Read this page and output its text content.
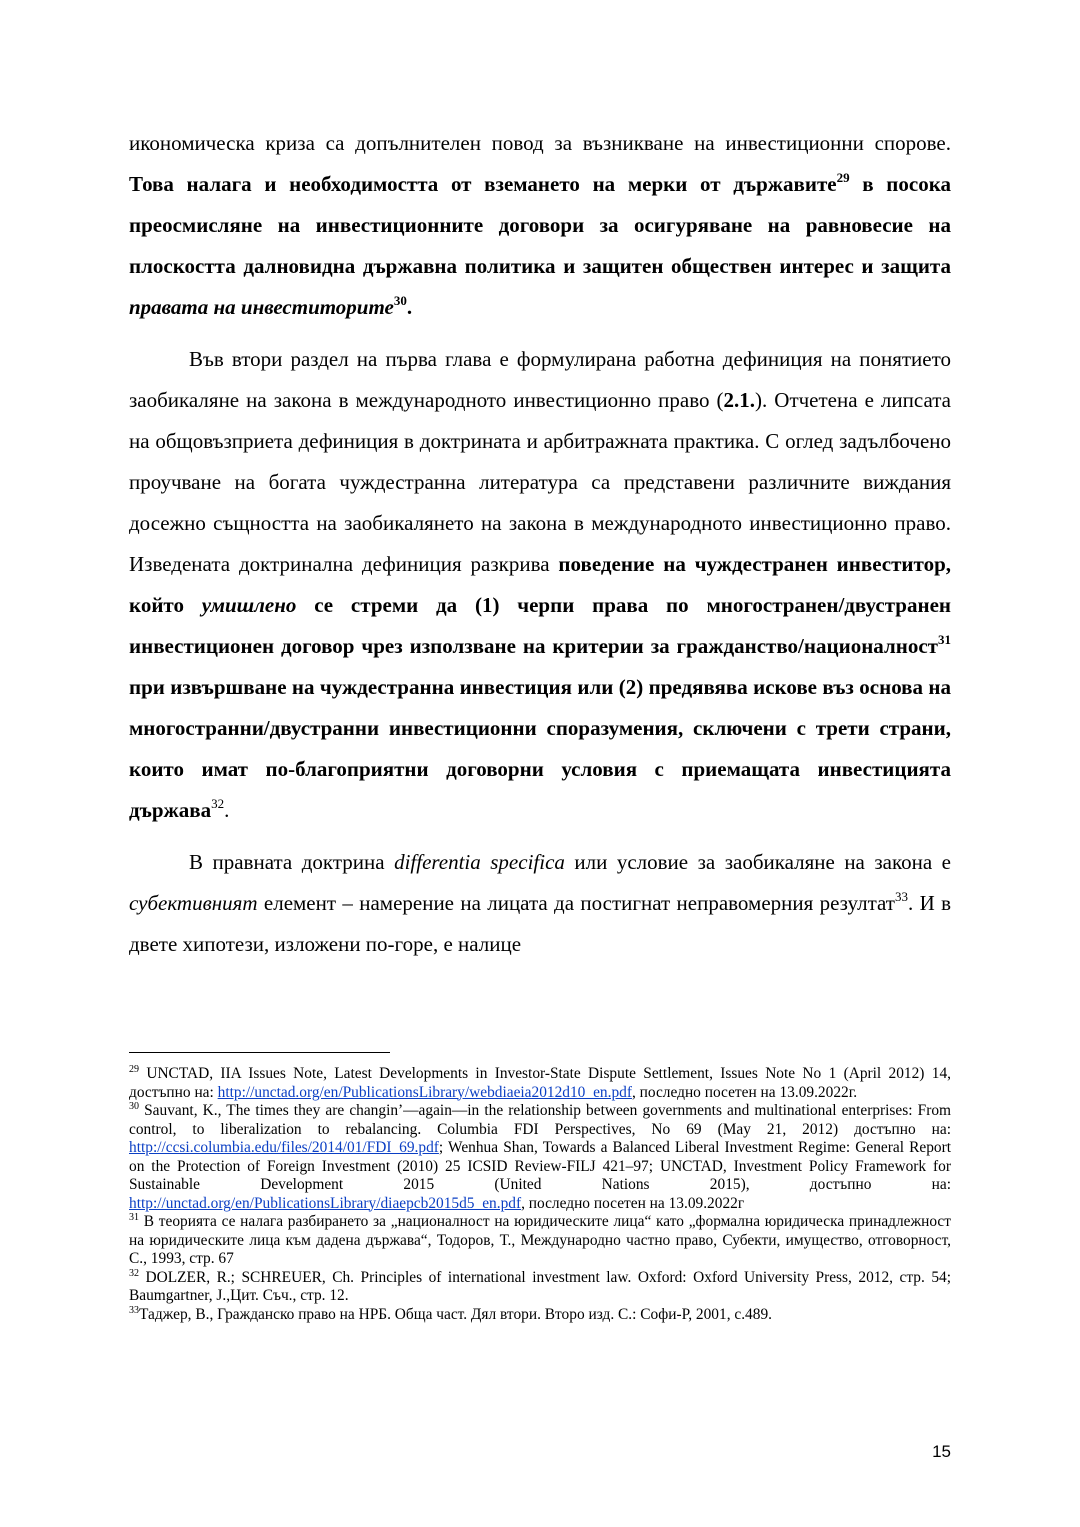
икономическа криза са допълнителен повод за възникване на инвестиционни спорове. Това налага и необходимостта от вземането на мерки от държавите$^{29}$ в посока преосмисляне на инвестиционните договори за осигуряване на равновесие на плоскостта далновидна държавна политика и защитен обществен интерес и защита правата на инвеститорите$^{30}$.

Във втори раздел на първа глава е формулирана работна дефиниция на понятието заобикаляне на закона в международното инвестиционно право (2.1.). Отчетена е липсата на общовъзприета дефиниция в доктрината и арбитражната практика. С оглед задълбочено проучване на богата чуждестранна литература са представени различните виждания досежно същността на заобикалянето на закона в международното инвестиционно право. Изведената доктринална дефиниция разкрива поведение на чуждестранен инвеститор, който умишлено се стреми да (1) черпи права по многостранен/двустранен инвестиционен договор чрез използване на критерии за гражданство/националност$^{31}$ при извършване на чуждестранна инвестиция или (2) предявява искове въз основа на многостранни/двустранни инвестиционни споразумения, сключени с трети страни, които имат по-благоприятни договорни условия с приемащата инвестицията държава$^{32}$.

В правната доктрина differentia specifica или условие за заобикаляне на закона е субективният елемент – намерение на лицата да постигнат неправомерния резултат$^{33}$. И в двете хипотези, изложени по-горе, е налице

$^{29}$ UNCTAD, IIA Issues Note, Latest Developments in Investor-State Dispute Settlement, Issues Note No 1 (April 2012) 14, достъпно на: http://unctad.org/en/PublicationsLibrary/webdiaeia2012d10_en.pdf, последно посетен на 13.09.2022г.

$^{30}$ Sauvant, K., The times they are changin’—again—in the relationship between governments and multinational enterprises: From control, to liberalization to rebalancing. Columbia FDI Perspectives, No 69 (May 21, 2012) достъпно на: http://ccsi.columbia.edu/files/2014/01/FDI_69.pdf; Wenhua Shan, Towards a Balanced Liberal Investment Regime: General Report on the Protection of Foreign Investment (2010) 25 ICSID Review-FILJ 421–97; UNCTAD, Investment Policy Framework for Sustainable Development 2015 (United Nations 2015), достъпно на: http://unctad.org/en/PublicationsLibrary/diaepcb2015d5_en.pdf, последно посетен на 13.09.2022г

$^{31}$ В теорията се налага разбирането за „националност на юридическите лица“ като „формална юридическа принадлежност на юридическите лица към дадена държава“, Тодоров, Т., Международно частно право, Субекти, имущество, отговорност, С., 1993, стр. 67

$^{32}$ DOLZER, R.; SCHREUER, Ch. Principles of international investment law. Oxford: Oxford University Press, 2012, стр. 54; Baumgartner, J.,Цит. Съч., стр. 12.

$^{33}$Таджер, В., Гражданско право на НРБ. Обща част. Дял втори. Второ изд. С.: Софи-Р, 2001, с.489.

15
